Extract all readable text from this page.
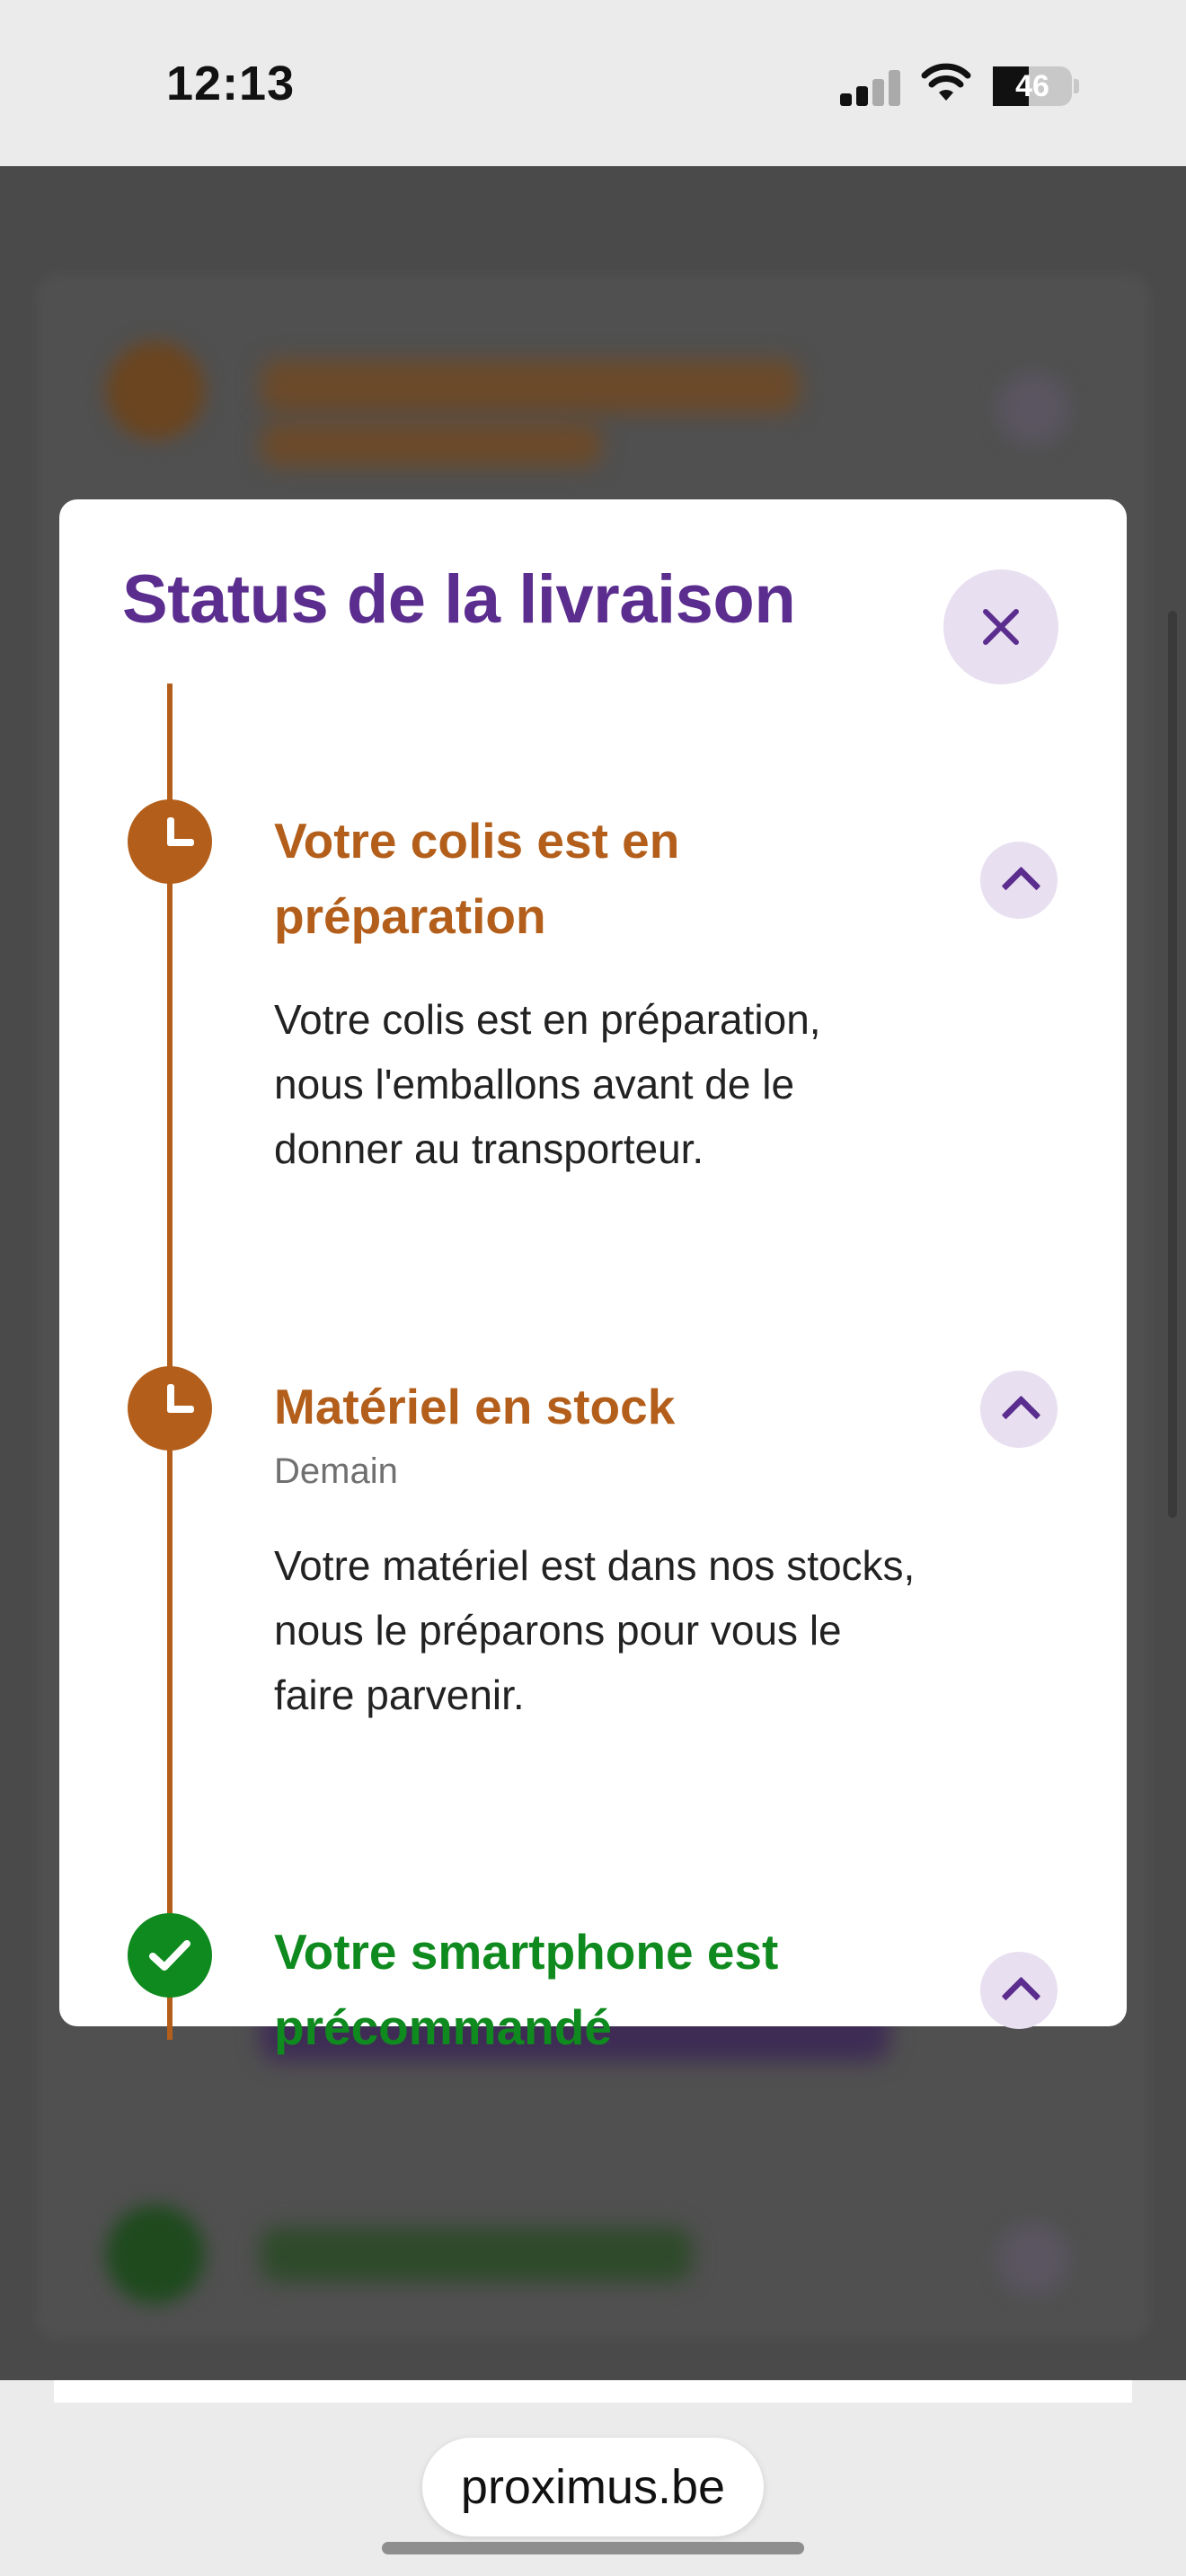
12:13	46
Status de la livraison
Votre colis est en préparation
Votre colis est en préparation, nous l'emballons avant de le donner au transporteur.
Matériel en stock
Demain
Votre matériel est dans nos stocks, nous le préparons pour vous le faire parvenir.
Votre smartphone est précommandé
proximus.be
